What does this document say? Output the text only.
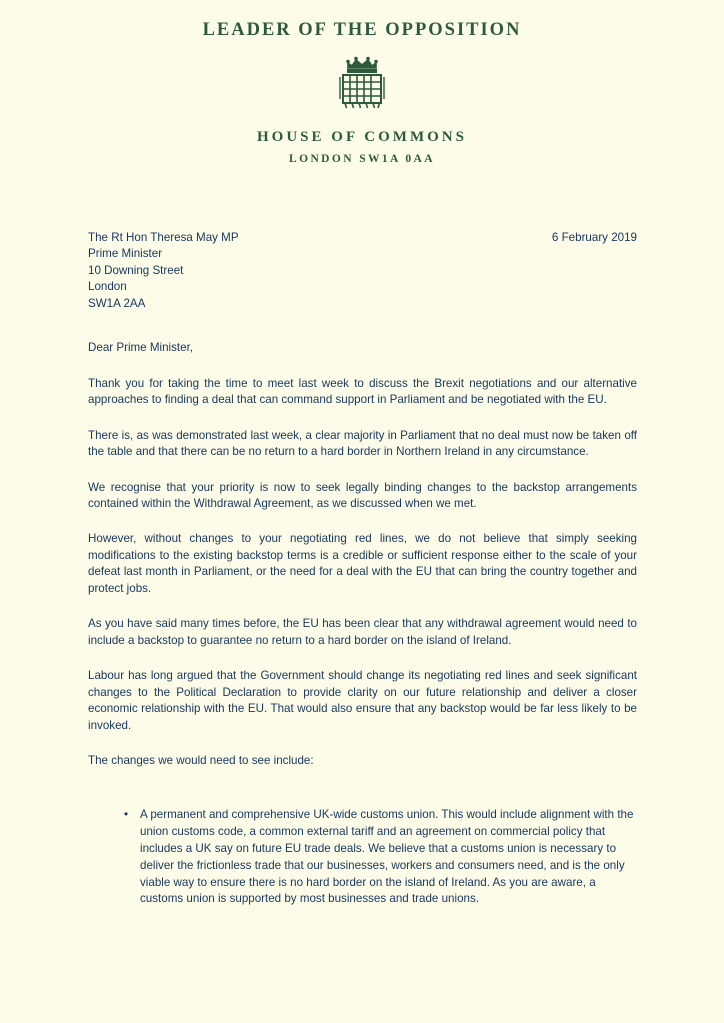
LEADER OF THE OPPOSITION
HOUSE OF COMMONS
LONDON SW1A 0AA
The Rt Hon Theresa May MP
Prime Minister
10 Downing Street
London
SW1A 2AA
6 February 2019
Dear Prime Minister,

Thank you for taking the time to meet last week to discuss the Brexit negotiations and our alternative approaches to finding a deal that can command support in Parliament and be negotiated with the EU.

There is, as was demonstrated last week, a clear majority in Parliament that no deal must now be taken off the table and that there can be no return to a hard border in Northern Ireland in any circumstance.

We recognise that your priority is now to seek legally binding changes to the backstop arrangements contained within the Withdrawal Agreement, as we discussed when we met.

However, without changes to your negotiating red lines, we do not believe that simply seeking modifications to the existing backstop terms is a credible or sufficient response either to the scale of your defeat last month in Parliament, or the need for a deal with the EU that can bring the country together and protect jobs.

As you have said many times before, the EU has been clear that any withdrawal agreement would need to include a backstop to guarantee no return to a hard border on the island of Ireland.

Labour has long argued that the Government should change its negotiating red lines and seek significant changes to the Political Declaration to provide clarity on our future relationship and deliver a closer economic relationship with the EU. That would also ensure that any backstop would be far less likely to be invoked.

The changes we would need to see include:

• A permanent and comprehensive UK-wide customs union. This would include alignment with the union customs code, a common external tariff and an agreement on commercial policy that includes a UK say on future EU trade deals. We believe that a customs union is necessary to deliver the frictionless trade that our businesses, workers and consumers need, and is the only viable way to ensure there is no hard border on the island of Ireland. As you are aware, a customs union is supported by most businesses and trade unions.
